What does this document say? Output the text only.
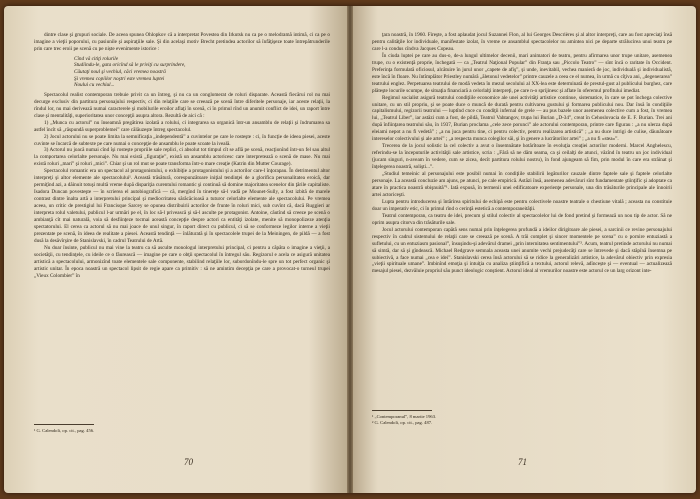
dintre clase şi grupuri sociale. De aceea spunea Ohlopkov că a interpretat Povestea din Irkutsk nu ca pe o melodramă intimă, ci ca pe o imagine a vieţii poporului, cu pasiunile şi aspiraţiile sale. Şi din acelaşi motiv Brecht pretindea actorilor să înfăţişeze toate întrepătrunderile prin care trec eroii pe scenă cu pe niște evenimente istorice :

Cînd vă citiţi rolurile
Studiindu-le, gata oricînd să le priviţi cu surprindere,
Căutaţi noul şi vechiul, căci vremea noastră
Şi vremea copiilor noştri este vremea luptei
Noului cu vechiul...

Spectacolul realist contemporan trebuie privit ca un întreg, şi nu ca un conglomerat de roluri disparate. Această fiecărui rol nu mai decurge exclusiv din partitura personajului respectiv, ci din relaţiile care se creează pe scenă între diferitele personaje, iar aceste relaţii, la rîndul lor, nu mai derivează numai caracterele şi mobilurile eroilor aflaţi în scenă, ci în primul rînd un anumit conflict de idei, un raport între clase şi mentalităţi, superioritatea unor concepţii asupra altora. Rezultă de aici că :

1) „Munca cu actorul” nu înseamnă pregătirea izolată a rolului, ci integrarea sa organică într-un ansamblu de relaţii şi îndrumarea sa astfel încît să „răspundă superproblemei” care călăuzeşte întreg spectacolul.

2) Jocul actorului nu se poate limita la semnificaţia „independentă” a cuvintelor pe care le rosteşte : ci, în funcţie de ideea piesei, aceste cuvinte se încarcă de subtexte pe care numai o concepţie de ansamblu le poate scoate la iveală.

3) Actorul nu joacă numai cînd îşi rosteşte propriile sale replici, ci absolut tot timpul cît se află pe scenă, reacţionînd într-un fel sau altul la comportarea celorlalte personaje. Nu mai există „figuraţie”, există un ansamblu actoricesc care interpretează o scenă de mase. Nu mai există roluri „mari” şi roluri „mici”. Chiar şi un rol mut se poate transforma într-o mare creaţie (Katrin din Mutter Courage).

Spectacolul romantic era un spectacol al protagonistului, o exhibiţie a protagonistului şi a actorilor care-l înţorapau. În detrimentul altor interpreţi şi altor elemente ale spectacolului¹. Această trăsătură, corespunzătoare iniţial tendinţei de a glorifica personalitatea eroică, dar permiţînd azi, a dăinuit totuşi multă vreme după dispariţia curentului romantic şi continuă să domine majoritatea scenelor din ţările capitaliste. Isadora Duncan povesteşte — în scrierea el autobiografică — că, mergînd în tinereţe să-l vadă pe Mounet-Sully, a fost izbită de marele contrast dintre înalta artă a interpretului principal şi mediocritatea sărăcăcioasă a tuturor celorlalte elemente ale spectacolului. Pe vremea aceea, un critic de prestigiul lui Francisque Sarcey se opunea distribuirii actorilor de frunte în roluri mici, sub cuvînt că, dacă Ruggieri ar interpreta rolul valetului, publicul l-ar urmări pe el, în loc să-l privească şi să-l asculte pe protagonist. Antoine, căutînd să creeze pe scenă o ambianţă cît mai naturală, voia să desfiinţeze tocmai această concepţie despre actori ca entităţi izolate, menite să monopolizeze atenţia spectatorului. El cerea ca actorul să nu mai joace de unul singur, în raport direct cu publicul, ci să se conformeze legilor interne a vieţii prezentate pe scenă, în ideea de realitate a piesei. Această tendinţă — înlăturată şi în spectacolele trupei de la Meiningen, de pildă — a fost dusă la desăvîrşire de Stanislavski, în cadrul Teatrului de Artă.

Nu doar însinte, publicul nu mai vine la teatru ca să asculte monologul interpretului principal, ci pentru a căpăta o imagine a vieţii, a societăţii, cu tendinţele, cu ideile ce o făurească — imagine pe care o obţii spectacolul în întregul său. Regizorul e acela ce asigură unitatea artistică a spectacolului, armonizînd toate elementele sale componente, stabilind relaţiile lor, subordonîndu-le spre un tot perfect organic şi artistic unitar. În epoca noastră un spectacol lipsit de regie apare ca primitiv : să ne amintim decepţia pe care a provocat-o turneul trupei „Vieux Colombier” în

¹ G. Calendoli, op. cit., pag. 456.
70

ţara noastră, în 1960. Fireşte, a fost aplaudat jocul Suzannei Flon, al lui Georges Descrières şi al altor interpreţi, care au fost apreciaţi însă pentru calităţile lor individuale, manifestate izolat, în vreme ce ansamblul spectacolelor nu amintea nici pe departe strălucirea unui teatru pe care l-a condus cîndva Jacques Copeau.

În ciuda luptei pe care au dus-o, de-a lungul ultimelor decenii, mari animatori de teatru, pentru afirmarea unor trupe unitare, asemenea trupe, cu o existenţă proprie, închegată — ca „Teatrul Naţional Popular” din Franţa sau „Piccolo Teatro” — sînt încă o raritate în Occident. Preferinţa formulată oficiosul, alcătuire în jurul unor „capete de afiş”, şi unde, inevitabil, vechea manieră de joc, individuală şi individualistă, este încă în floare. Nu întîmplător Priestley numără „ăletonul vedetelor” printre cauzele a ceea ce el numea, în urmă cu cîţiva ani, „degenerarea” teatrului englez. Perpetuarea teatrului de modă vedeta în mezul secolului al XX-lea este determinată de prestul-gust al publicului burghez, care plăteşte locurile scumpe, de situaţia financiară a celorlalţi interpreţi, pe care n-o sprijinesc şi aflate în oferemul profitului imediat.

Regimul socialist asigură teatrului condiţiile economice ale unei activităţi artistice continue, sistematice, în care se pot închega colective unitare, cu un stil propriu, şi se poate duce o muncă de durată pentru cultivarea gustului şi formarea publicului nou. Dar însă în condiţiile capitalismului, regizorii teatrului — luptînd cnce cu condiţii infernal de grele — au pus bazele unor asemenea colective cum a fost, în vremea lui, „Teatrul Liber”, iar astăzi cum a fost, de pildă, Teatrul Vahtangov, trupa lui Burian „D-34”, creat în Cehoslovacia de E. F. Burian. Trei ani după înfiinţarea teatrului său, în 1937, Burian proclama „cele zece porunci” ale actorului contemporan, printre care figurau : „a nu ulerza după eleiami nepot a nu fi vedetă” ; „a nu juca pentru tine, ci pentru colectiv, pentru realizarea artistică” ; „a nu duce intrigi de culise, dăunătoare intereselor colectivului şi ale artei” ; „a respecta munca colegilor săi, şi în genere a lucrătorilor artei” ; „a nu fi «stea»”.

Trecerea de la jocul solistic la cel colectiv a avut o însemnătate hotărîtoare în evoluţia creaţiei actorilor moderni. Marcel Anghelescu, referindu-se la începuturile activităţii sale artistice, scria : „Fără să ne dăm seama, ca şi ceilalţi de atunci, văzînd în teatru un joc individual (jucam singuri, n-aveam în vedere, cum se zicea, decît partitura rolului nostru), în fond ajungeam să fim, prin modul în care era străinat şi înţelegerea noastră, solişti...”.

„Studiul temeinic al personajului este posibil numai în condiţiile stabilirii legăturilor cauzale dintre faptele sale şi faptele celorlalte personaje. La această concluzie am ajuns, pe atunci, pe cale empirică. Astăzi însă, asemenea adevăruri sînt fundamentate ştiinţific şi adoptate ca atare în practica noastră obişnuită”¹. Iată expusă, în termenii unei edificatoare experienţe personale, una din trăsăturile principale ale înnoirii artei actoriceşti.

Lupta pentru introducerea şi întărirea spiritului de echipă este pentru colectivele noastre teatrale o chestiune vitală ; aceasta nu constituie doar un imperativ etic, ci în primul rînd o cerinţă estetică a contemporaneităţii.

Teatrul contemporan, ca teatru de idei, precum şi stilul colectiv al spectacolelor lui de fond pretind şi formează un nou tip de actor. Să ne oprim asupra citorva din trăsăturile sale.

Jocul actorului contemporan capătă sens numai prin înţelegerea profundă a ideilor dirigitoare ale piesei, a sarcinii ce revine personajului respectiv în cadrul sistemului de relaţii care se creează pe scenă. A trăi complet şi sincer momentele pe scena” cu o pornire entuziastă a sufletului, cu un entuziasm pasional”, însuşindu-şi adevărul dramei „prin internitatea sentimentului”². Acum, teatrul pretinde actorului nu numai să simtă, dar să şi gîndească. Michael Redgrave semnala aceasta unei anumite vechi prejudecăţi care se întrevede şi dacă stăpînă însemna pe subiectivă, a face numai „cea e idei”. Stanislavski cerea însă actorului să se ridice la generalizări artistice, la adevărul obiectiv prin expresia „vieţii spirituale umane”. Imbinînd emoţia şi intuiţia cu analiza ştiinţifică a textului, actorul relevă, adîncește şi — eventual — actualizează mesajul piesei, dezvăluie propriul său punct ideologic conştient. Actorul ideal al vremurilor noastre este actorul ce un larg orizont inte-

¹ „Contemporanul”, 8 martie 1963.
² G. Calendoli, op. cit., pag. 487.
71
